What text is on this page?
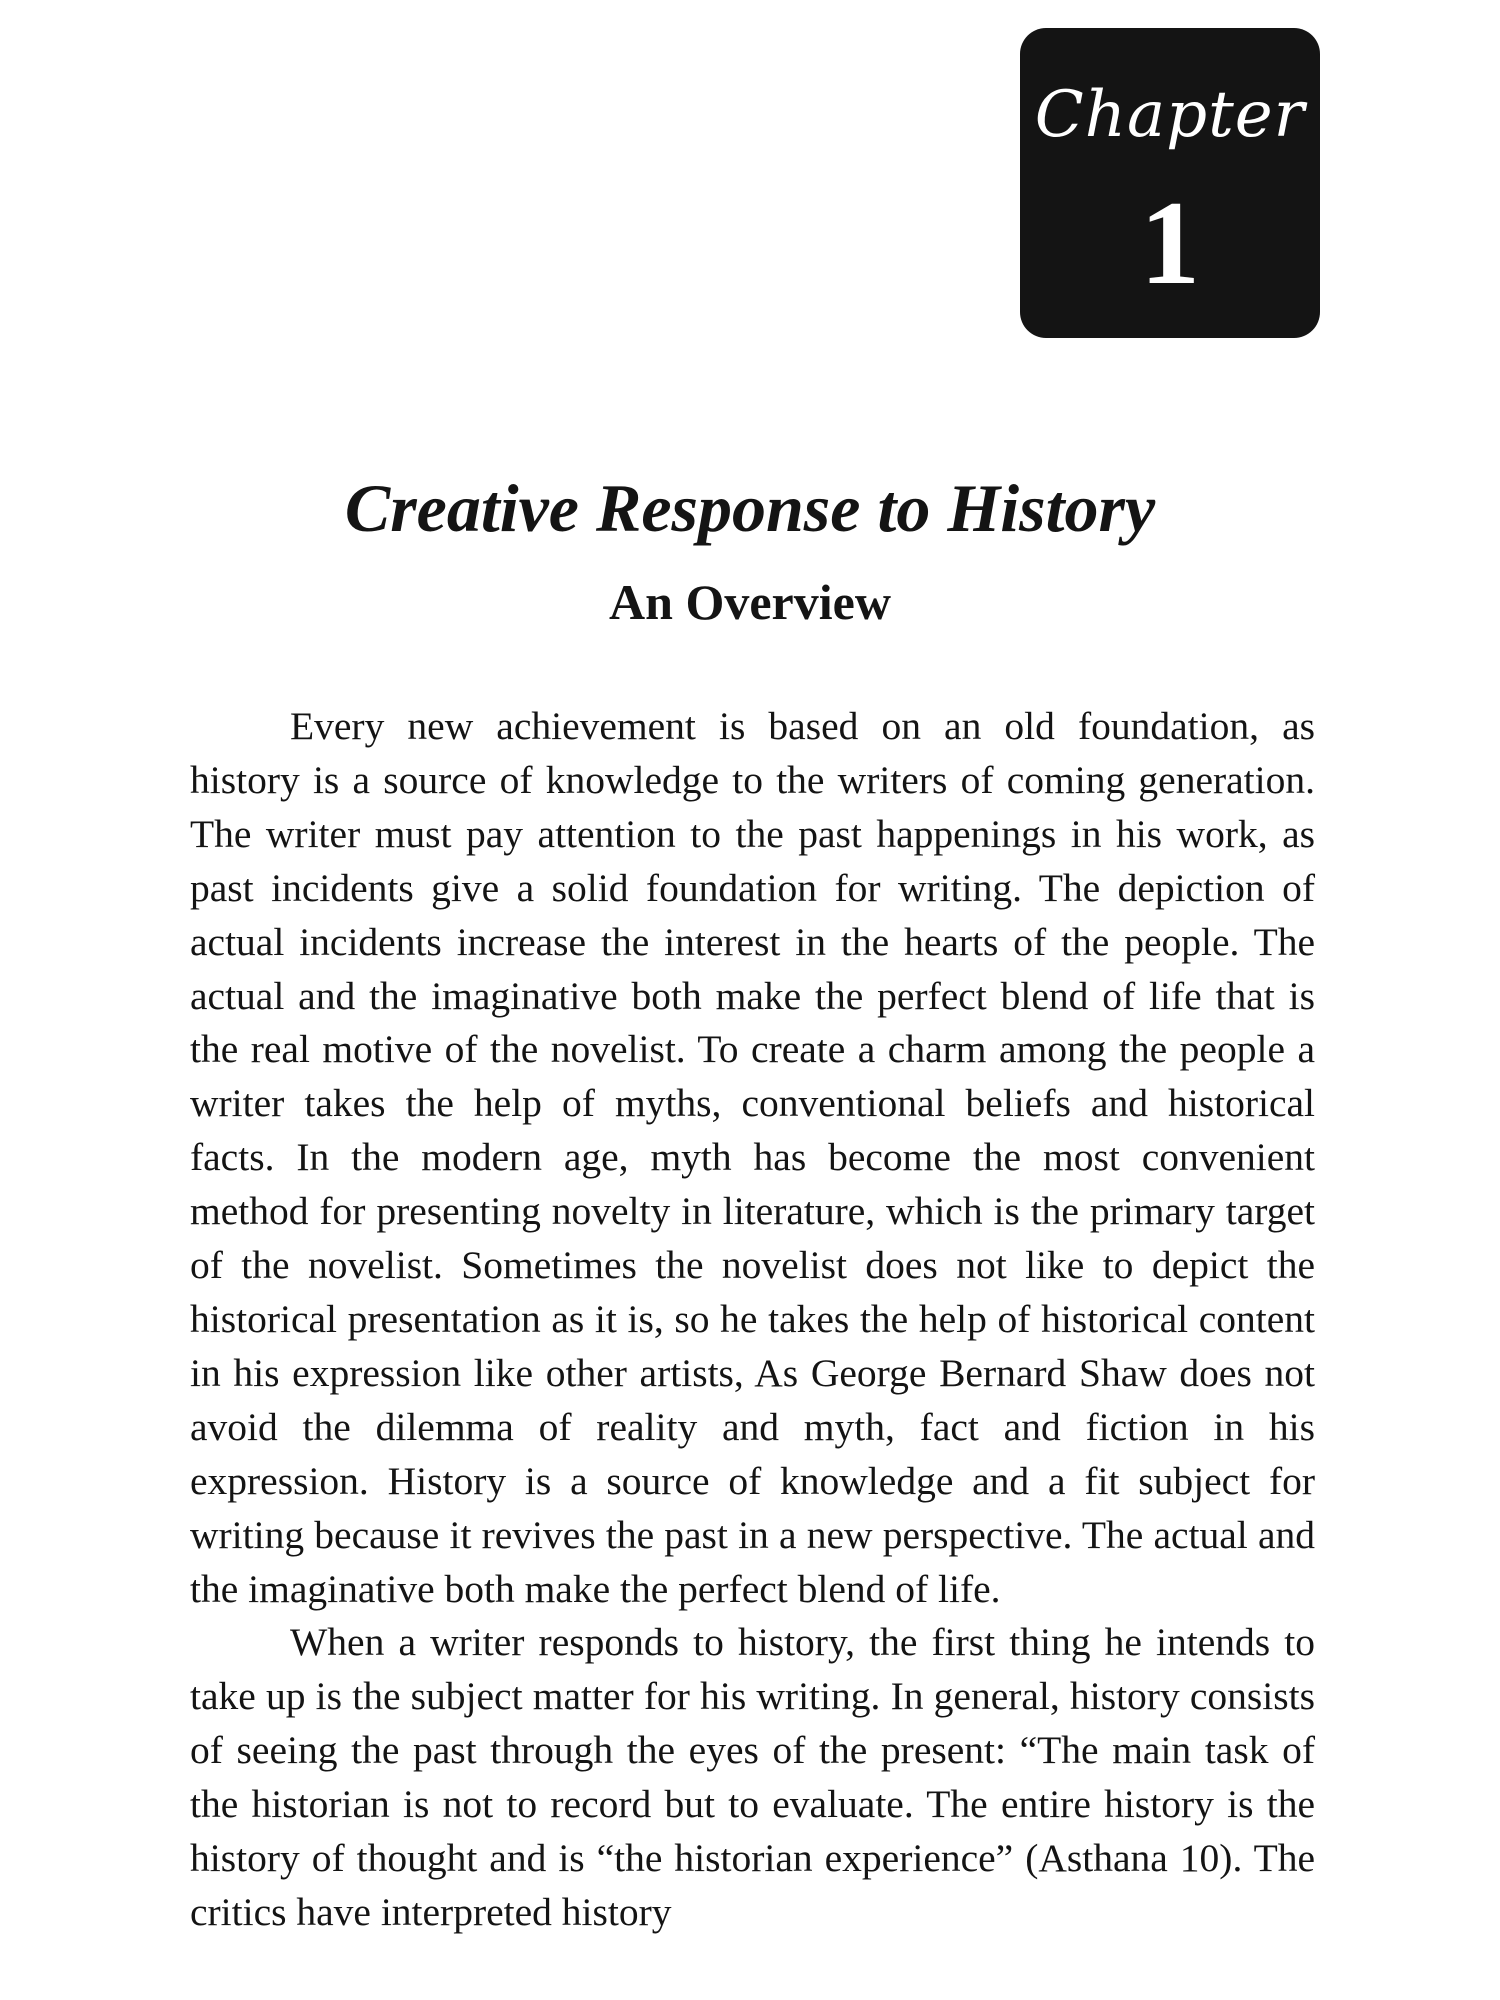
Chapter
1
Creative Response to History
An Overview

Every new achievement is based on an old foundation, as history is a source of knowledge to the writers of coming generation. The writer must pay attention to the past happenings in his work, as past incidents give a solid foundation for writing. The depiction of actual incidents increase the interest in the hearts of the people. The actual and the imaginative both make the perfect blend of life that is the real motive of the novelist. To create a charm among the people a writer takes the help of myths, conventional beliefs and historical facts. In the modern age, myth has become the most convenient method for presenting novelty in literature, which is the primary target of the novelist. Sometimes the novelist does not like to depict the historical presentation as it is, so he takes the help of historical content in his expression like other artists, As George Bernard Shaw does not avoid the dilemma of reality and myth, fact and fiction in his expression. History is a source of knowledge and a fit subject for writing because it revives the past in a new perspective. The actual and the imaginative both make the perfect blend of life.

When a writer responds to history, the first thing he intends to take up is the subject matter for his writing. In general, history consists of seeing the past through the eyes of the present: “The main task of the historian is not to record but to evaluate. The entire history is the history of thought and is “the historian experience” (Asthana 10). The critics have interpreted history
